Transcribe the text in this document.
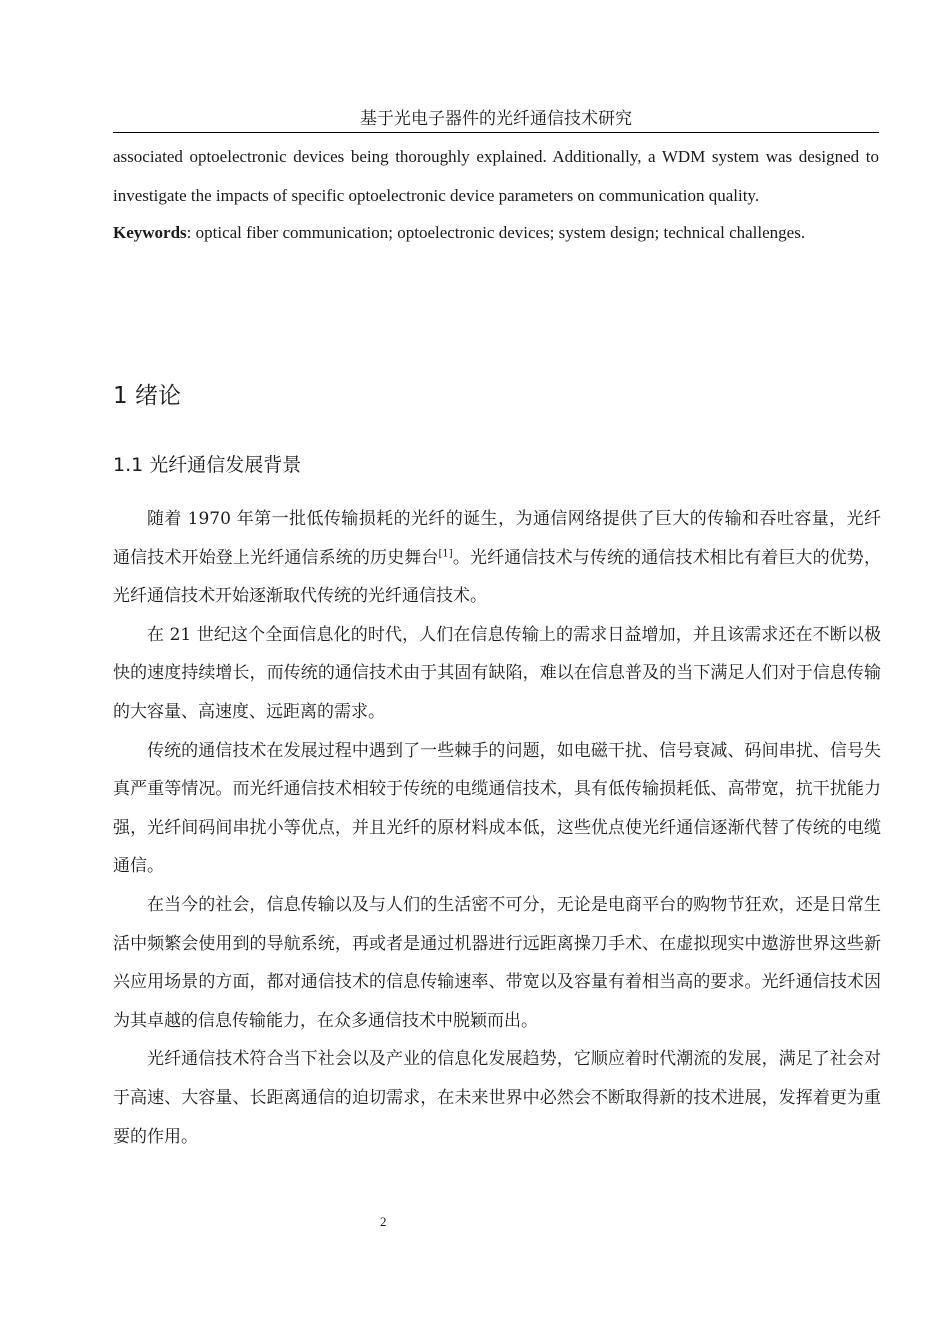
基于光电子器件的光纤通信技术研究

associated optoelectronic devices being thoroughly explained. Additionally, a WDM system was designed to investigate the impacts of specific optoelectronic device parameters on communication quality.

Keywords: optical fiber communication; optoelectronic devices; system design; technical challenges.

1 绪论
1.1 光纤通信发展背景

随着 1970 年第一批低传输损耗的光纤的诞生，为通信网络提供了巨大的传输和吞吐容量，光纤通信技术开始登上光纤通信系统的历史舞台[1]。光纤通信技术与传统的通信技术相比有着巨大的优势，光纤通信技术开始逐渐取代传统的光纤通信技术。

在 21 世纪这个全面信息化的时代，人们在信息传输上的需求日益增加，并且该需求还在不断以极快的速度持续增长，而传统的通信技术由于其固有缺陷，难以在信息普及的当下满足人们对于信息传输的大容量、高速度、远距离的需求。

传统的通信技术在发展过程中遇到了一些棘手的问题，如电磁干扰、信号衰减、码间串扰、信号失真严重等情况。而光纤通信技术相较于传统的电缆通信技术，具有低传输损耗低、高带宽，抗干扰能力强，光纤间码间串扰小等优点，并且光纤的原材料成本低，这些优点使光纤通信逐渐代替了传统的电缆通信。

在当今的社会，信息传输以及与人们的生活密不可分，无论是电商平台的购物节狂欢，还是日常生活中频繁会使用到的导航系统，再或者是通过机器进行远距离操刀手术、在虚拟现实中遨游世界这些新兴应用场景的方面，都对通信技术的信息传输速率、带宽以及容量有着相当高的要求。光纤通信技术因为其卓越的信息传输能力，在众多通信技术中脱颖而出。

光纤通信技术符合当下社会以及产业的信息化发展趋势，它顺应着时代潮流的发展，满足了社会对于高速、大容量、长距离通信的迫切需求，在未来世界中必然会不断取得新的技术进展，发挥着更为重要的作用。

2
